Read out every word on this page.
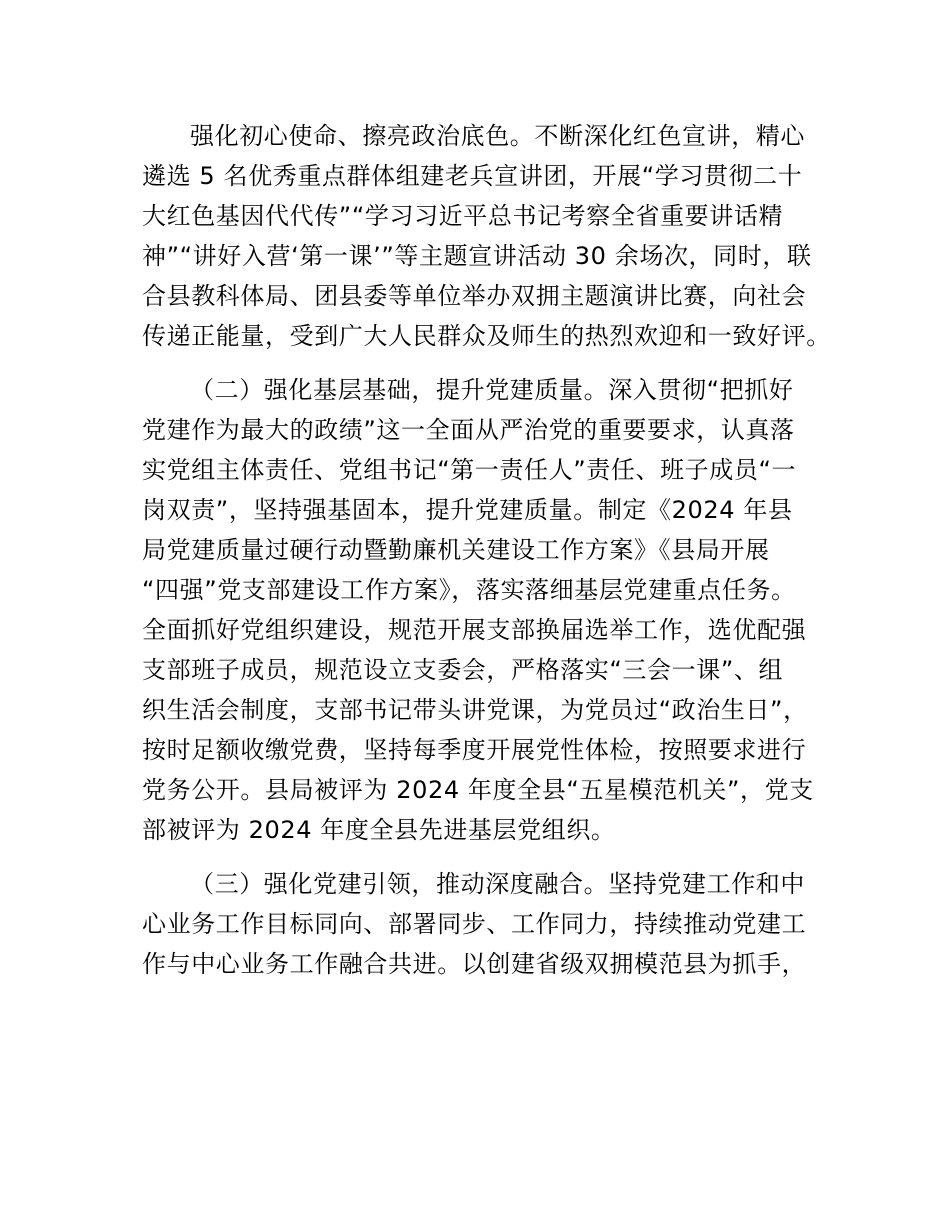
强化初心使命、擦亮政治底色。不断深化红色宣讲，精心
遴选 5 名优秀重点群体组建老兵宣讲团，开展“学习贯彻二十
大红色基因代代传”“学习习近平总书记考察全省重要讲话精
神”“讲好入营‘第一课’”等主题宣讲活动 30 余场次，同时，联
合县教科体局、团县委等单位举办双拥主题演讲比赛，向社会
传递正能量，受到广大人民群众及师生的热烈欢迎和一致好评。
（二）强化基层基础，提升党建质量。深入贯彻“把抓好
党建作为最大的政绩”这一全面从严治党的重要要求，认真落
实党组主体责任、党组书记“第一责任人”责任、班子成员“一
岗双责”，坚持强基固本，提升党建质量。制定《2024 年县
局党建质量过硬行动暨勤廉机关建设工作方案》《县局开展
“四强”党支部建设工作方案》，落实落细基层党建重点任务。
全面抓好党组织建设，规范开展支部换届选举工作，选优配强
支部班子成员，规范设立支委会，严格落实“三会一课”、组
织生活会制度，支部书记带头讲党课，为党员过“政治生日”，
按时足额收缴党费，坚持每季度开展党性体检，按照要求进行
党务公开。县局被评为 2024 年度全县“五星模范机关”，党支
部被评为 2024 年度全县先进基层党组织。
（三）强化党建引领，推动深度融合。坚持党建工作和中
心业务工作目标同向、部署同步、工作同力，持续推动党建工
作与中心业务工作融合共进。以创建省级双拥模范县为抓手，
